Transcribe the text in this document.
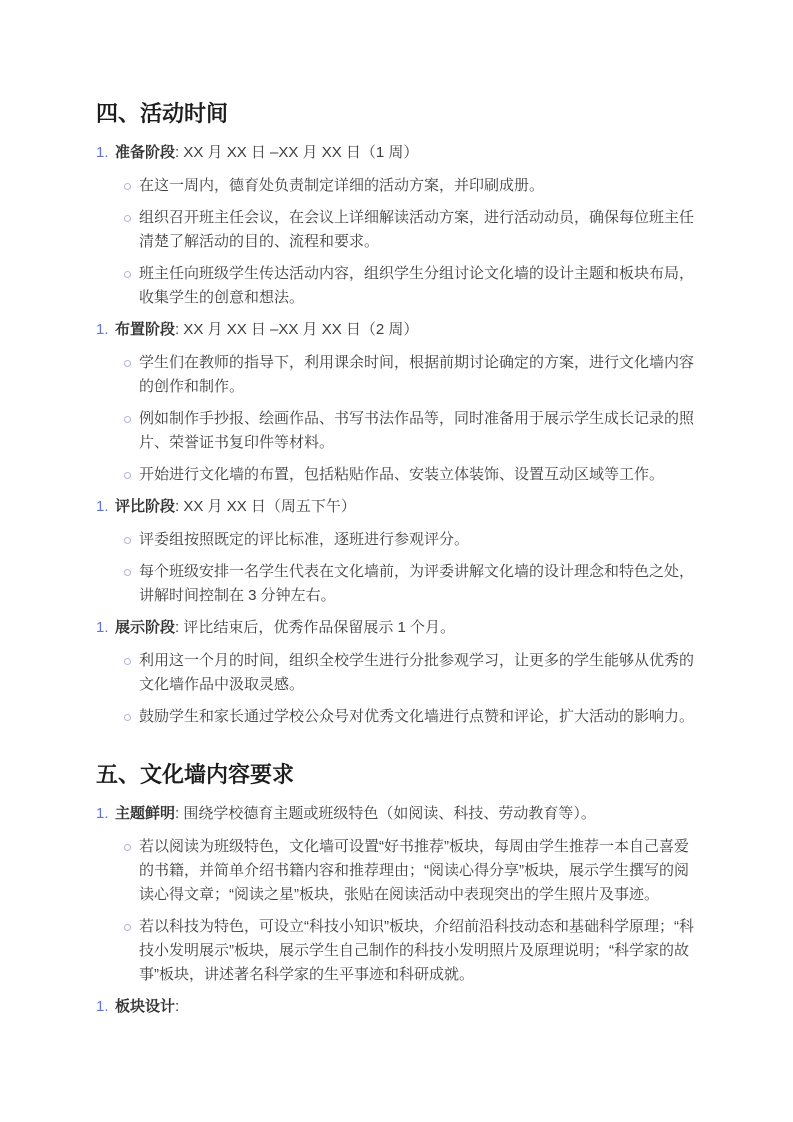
四、活动时间
1. 准备阶段: XX 月 XX 日 –XX 月 XX 日（1 周）
在这一周内，德育处负责制定详细的活动方案，并印刷成册。
组织召开班主任会议，在会议上详细解读活动方案，进行活动动员，确保每位班主任清楚了解活动的目的、流程和要求。
班主任向班级学生传达活动内容，组织学生分组讨论文化墙的设计主题和板块布局，收集学生的创意和想法。
1. 布置阶段: XX 月 XX 日 –XX 月 XX 日（2 周）
学生们在教师的指导下，利用课余时间，根据前期讨论确定的方案，进行文化墙内容的创作和制作。
例如制作手抄报、绘画作品、书写书法作品等，同时准备用于展示学生成长记录的照片、荣誉证书复印件等材料。
开始进行文化墙的布置，包括粘贴作品、安装立体装饰、设置互动区域等工作。
1. 评比阶段: XX 月 XX 日（周五下午）
评委组按照既定的评比标准，逐班进行参观评分。
每个班级安排一名学生代表在文化墙前，为评委讲解文化墙的设计理念和特色之处，讲解时间控制在 3 分钟左右。
1. 展示阶段: 评比结束后，优秀作品保留展示 1 个月。
利用这一个月的时间，组织全校学生进行分批参观学习，让更多的学生能够从优秀的文化墙作品中汲取灵感。
鼓励学生和家长通过学校公众号对优秀文化墙进行点赞和评论，扩大活动的影响力。
五、文化墙内容要求
1. 主题鲜明: 围绕学校德育主题或班级特色（如阅读、科技、劳动教育等）。
若以阅读为班级特色，文化墙可设置“好书推荐”板块，每周由学生推荐一本自己喜爱的书籍，并简单介绍书籍内容和推荐理由；“阅读心得分享”板块，展示学生撰写的阅读心得文章；“阅读之星”板块，张贴在阅读活动中表现突出的学生照片及事迹。
若以科技为特色，可设立“科技小知识”板块，介绍前沿科技动态和基础科学原理；“科技小发明展示”板块，展示学生自己制作的科技小发明照片及原理说明；“科学家的故事”板块，讲述著名科学家的生平事迹和科研成就。
1. 板块设计:
